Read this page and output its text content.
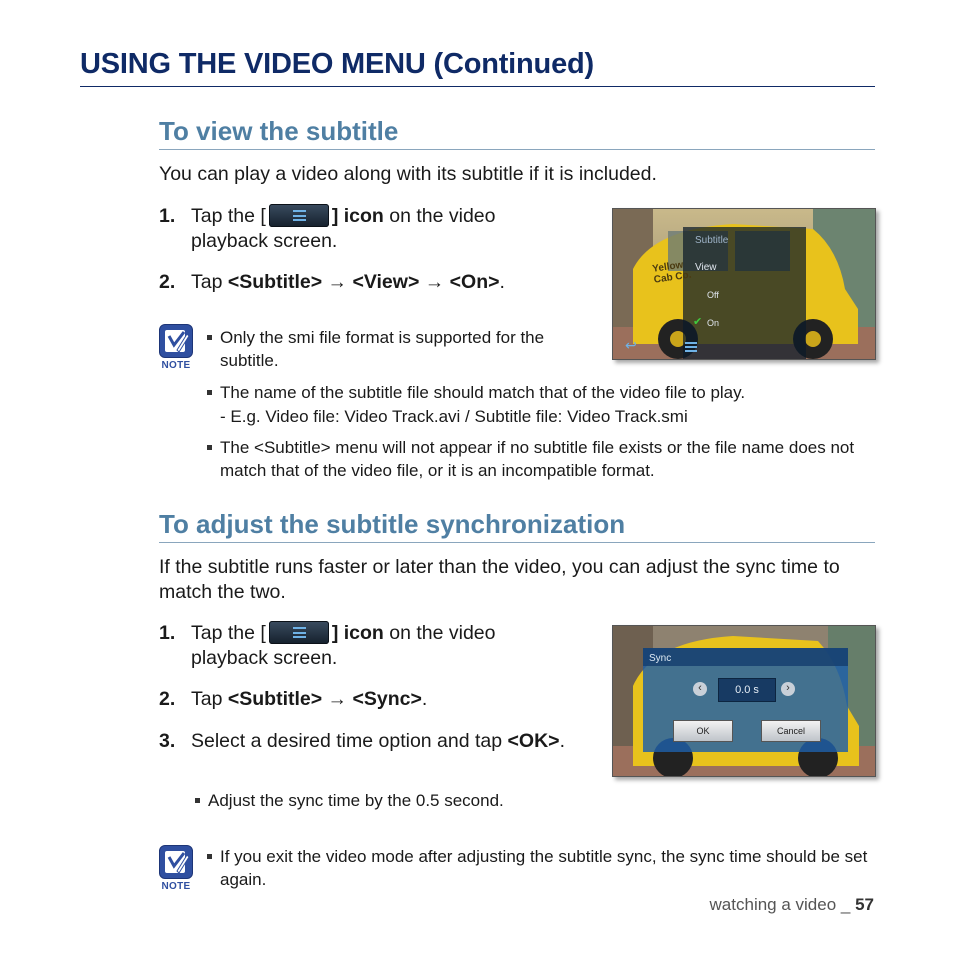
USING THE VIDEO MENU (Continued)
To view the subtitle
You can play a video along with its subtitle if it is included.
1. Tap the [	] icon on the video playback screen.
2. Tap <Subtitle> → <View> → <On>.
NOTE
Only the smi file format is supported for the subtitle.
The name of the subtitle file should match that of the video file to play.
- E.g. Video file: Video Track.avi / Subtitle file: Video Track.smi
The <Subtitle> menu will not appear if no subtitle file exists or the file name does not match that of the video file, or it is an incompatible format.
Yellow Cab Co.
Subtitle
View
Off
✔ On
↩
To adjust the subtitle synchronization
If the subtitle runs faster or later than the video, you can adjust the sync time to match the two.
1. Tap the [	] icon on the video playback screen.
2. Tap <Subtitle> → <Sync>.
3. Select a desired time option and tap <OK>.
Adjust the sync time by the 0.5 second.
NOTE
If you exit the video mode after adjusting the subtitle sync, the sync time should be set again.
Sync
‹	0.0 s	›
OK	Cancel
watching a video _ 57
